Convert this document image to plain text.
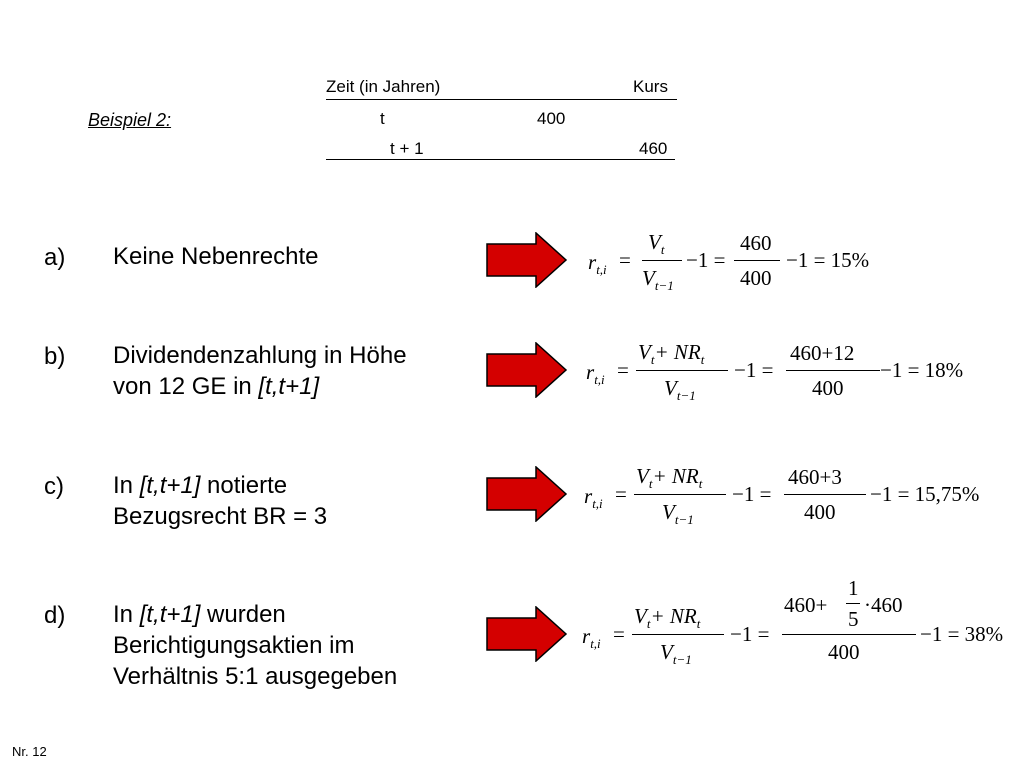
Zeit (in Jahren)	Kurs
Beispiel 2:	t	400
t + 1	460
a) Keine Nebenrechte
b) Dividendenzahlung in Höhe
von 12 GE in [t,t+1]
c) In [t,t+1] notierte
Bezugsrecht BR = 3
d) In [t,t+1] wurden
Berichtigungsaktien im
Verhältnis 5:1 ausgegeben
$r_{t,i}$ =
$V_t$
$V_{t-1}$
−1 =
460
400
−1 = 15%
$r_{t,i}$ =
$V_t+ NR_t$
$V_{t-1}$
−1 =
460+12
400
−1 = 18%
$r_{t,i}$ =
$V_t+ NR_t$
$V_{t-1}$
−1 =
460+3
400
−1 = 15,75%
$r_{t,i}$ =
$V_t+ NR_t$
$V_{t-1}$
−1 =
460+
1
5
·460
400
−1 = 38%
Nr. 12
